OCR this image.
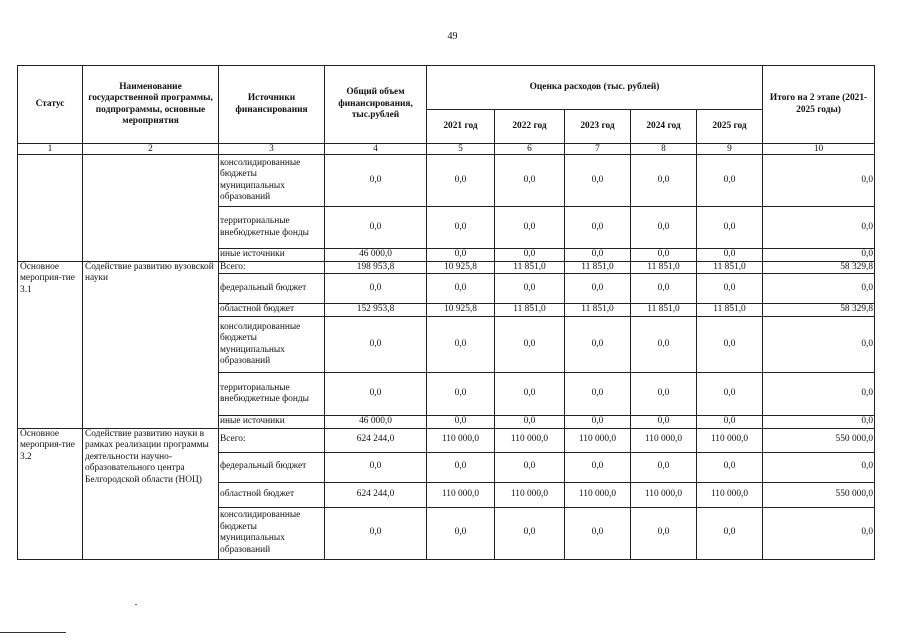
49
Статус	Наименование государственной программы, подпрограммы, основные мероприятия	Источники финансирования	Общий объем финансирования, тыс.рублей	Оценка расходов (тыс. рублей)					Итого на 2 этапе (2021-2025 годы)
				2021 год	2022 год	2023 год	2024 год	2025 год	
1	2	3	4	5	6	7	8	9	10
		консолидированные бюджеты муниципальных образований	0,0	0,0	0,0	0,0	0,0	0,0	0,0
		территориальные внебюджетные фонды	0,0	0,0	0,0	0,0	0,0	0,0	0,0
		иные источники	46 000,0	0,0	0,0	0,0	0,0	0,0	0,0
Основное мероприя-тие 3.1	Содействие развитию вузовской науки	Всего:	198 953,8	10 925,8	11 851,0	11 851,0	11 851,0	11 851,0	58 329,8
		федеральный бюджет	0,0	0,0	0,0	0,0	0,0	0,0	0,0
		областной бюджет	152 953,8	10 925,8	11 851,0	11 851,0	11 851,0	11 851,0	58 329,8
		консолидированные бюджеты муниципальных образований	0,0	0,0	0,0	0,0	0,0	0,0	0,0
		территориальные внебюджетные фонды	0,0	0,0	0,0	0,0	0,0	0,0	0,0
		иные источники	46 000,0	0,0	0,0	0,0	0,0	0,0	0,0
Основное мероприя-тие 3.2	Содействие развитию науки в рамках реализации программы деятельности научно-образовательного центра Белгородской области (НОЦ)	Всего:	624 244,0	110 000,0	110 000,0	110 000,0	110 000,0	110 000,0	550 000,0
		федеральный бюджет	0,0	0,0	0,0	0,0	0,0	0,0	0,0
		областной бюджет	624 244,0	110 000,0	110 000,0	110 000,0	110 000,0	110 000,0	550 000,0
		консолидированные бюджеты муниципальных образований	0,0	0,0	0,0	0,0	0,0	0,0	0,0
